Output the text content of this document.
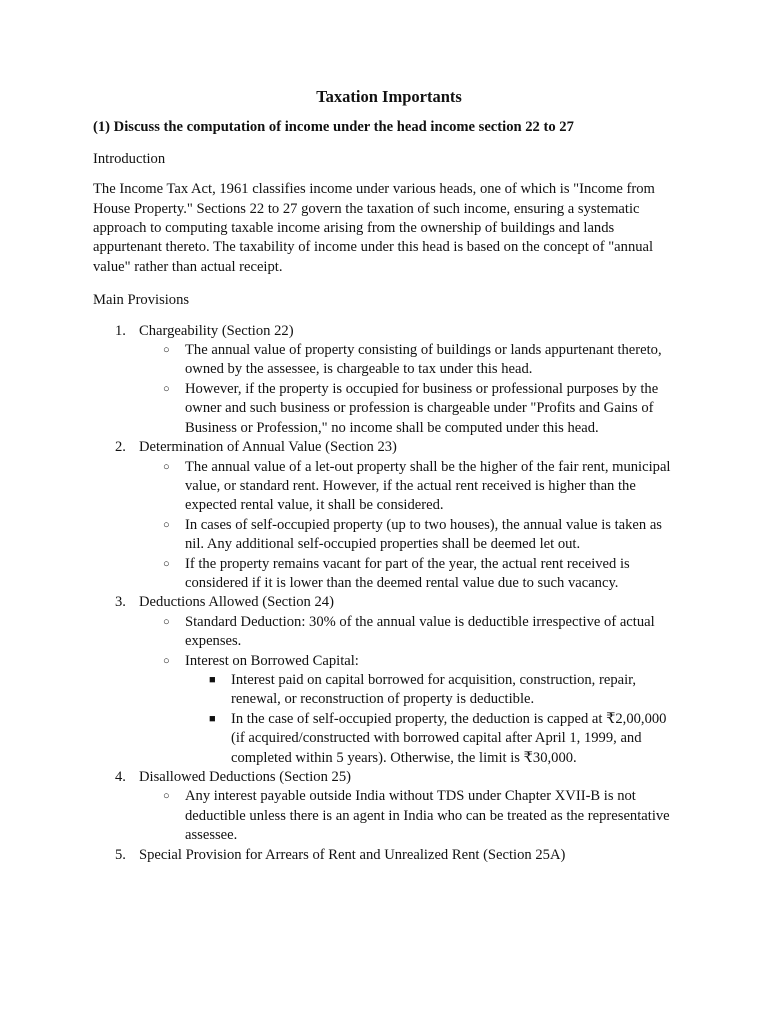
Taxation Importants
(1) Discuss the computation of income under the head income section 22 to 27
Introduction
The Income Tax Act, 1961 classifies income under various heads, one of which is "Income from House Property." Sections 22 to 27 govern the taxation of such income, ensuring a systematic approach to computing taxable income arising from the ownership of buildings and lands appurtenant thereto. The taxability of income under this head is based on the concept of "annual value" rather than actual receipt.
Main Provisions
1. Chargeability (Section 22)
○ The annual value of property consisting of buildings or lands appurtenant thereto, owned by the assessee, is chargeable to tax under this head.
○ However, if the property is occupied for business or professional purposes by the owner and such business or profession is chargeable under "Profits and Gains of Business or Profession," no income shall be computed under this head.
2. Determination of Annual Value (Section 23)
○ The annual value of a let-out property shall be the higher of the fair rent, municipal value, or standard rent. However, if the actual rent received is higher than the expected rental value, it shall be considered.
○ In cases of self-occupied property (up to two houses), the annual value is taken as nil. Any additional self-occupied properties shall be deemed let out.
○ If the property remains vacant for part of the year, the actual rent received is considered if it is lower than the deemed rental value due to such vacancy.
3. Deductions Allowed (Section 24)
○ Standard Deduction: 30% of the annual value is deductible irrespective of actual expenses.
○ Interest on Borrowed Capital:
■ Interest paid on capital borrowed for acquisition, construction, repair, renewal, or reconstruction of property is deductible.
■ In the case of self-occupied property, the deduction is capped at ₹2,00,000 (if acquired/constructed with borrowed capital after April 1, 1999, and completed within 5 years). Otherwise, the limit is ₹30,000.
4. Disallowed Deductions (Section 25)
○ Any interest payable outside India without TDS under Chapter XVII-B is not deductible unless there is an agent in India who can be treated as the representative assessee.
5. Special Provision for Arrears of Rent and Unrealized Rent (Section 25A)
